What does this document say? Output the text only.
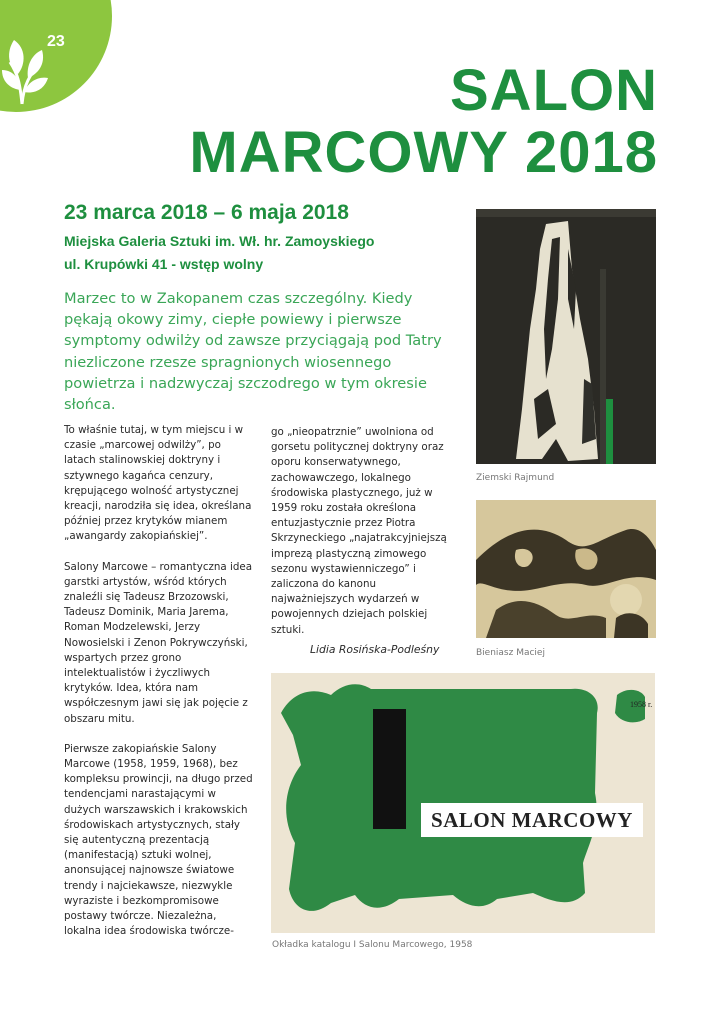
23
SALON
MARCOWY 2018
23 marca 2018 – 6 maja 2018
Miejska Galeria Sztuki im. Wł. hr. Zamoyskiego
ul. Krupówki 41 - wstęp wolny
Marzec to w Zakopanem czas szczególny. Kiedy pękają okowy zimy, ciepłe powiewy i pierwsze symptomy odwilży od zawsze przyciągają pod Tatry niezliczone rzesze spragnionych wiosennego powietrza i nadzwyczaj szczodrego w tym okresie słońca.

To właśnie tutaj, w tym miejscu i w czasie „marcowej odwilży”, po latach stalinowskiej doktryny i sztywnego kagańca cenzury, krępującego wolność artystycznej kreacji, narodziła się idea, określana później przez krytyków mianem „awangardy zakopiańskiej”.

Salony Marcowe – romantyczna idea garstki artystów, wśród których znaleźli się Tadeusz Brzozowski, Tadeusz Dominik, Maria Jarema, Roman Modzelewski, Jerzy Nowosielski i Zenon Pokrywczyński, wspartych przez grono intelektualistów i życzliwych krytyków. Idea, która nam współczesnym jawi się jak pojęcie z obszaru mitu.

Pierwsze zakopiańskie Salony Marcowe (1958, 1959, 1968), bez kompleksu prowincji, na długo przed tendencjami narastającymi w dużych warszawskich i krakowskich środowiskach artystycznych, stały się autentyczną prezentacją (manifestacją) sztuki wolnej, anonsującej najnowsze światowe trendy i najciekawsze, niezwykle wyraziste i bezkompromisowe postawy twórcze. Niezależna, lokalna idea środowiska twórcze-

go „nieopatrznie” uwolniona od gorsetu politycznej doktryny oraz oporu konserwatywnego, zachowawczego, lokalnego środowiska plastycznego, już w 1959 roku została określona entuzjastycznie przez Piotra Skrzyneckiego „najatrakcyjniejszą imprezą plastyczną zimowego sezonu wystawienniczego” i zaliczona do kanonu najważniejszych wydarzeń w powojennych dziejach polskiej sztuki.

Lidia Rosińska-Podleśny
Ziemski Rajmund
Bieniasz Maciej
SALON MARCOWY
1958 r.
Okładka katalogu I Salonu Marcowego, 1958
